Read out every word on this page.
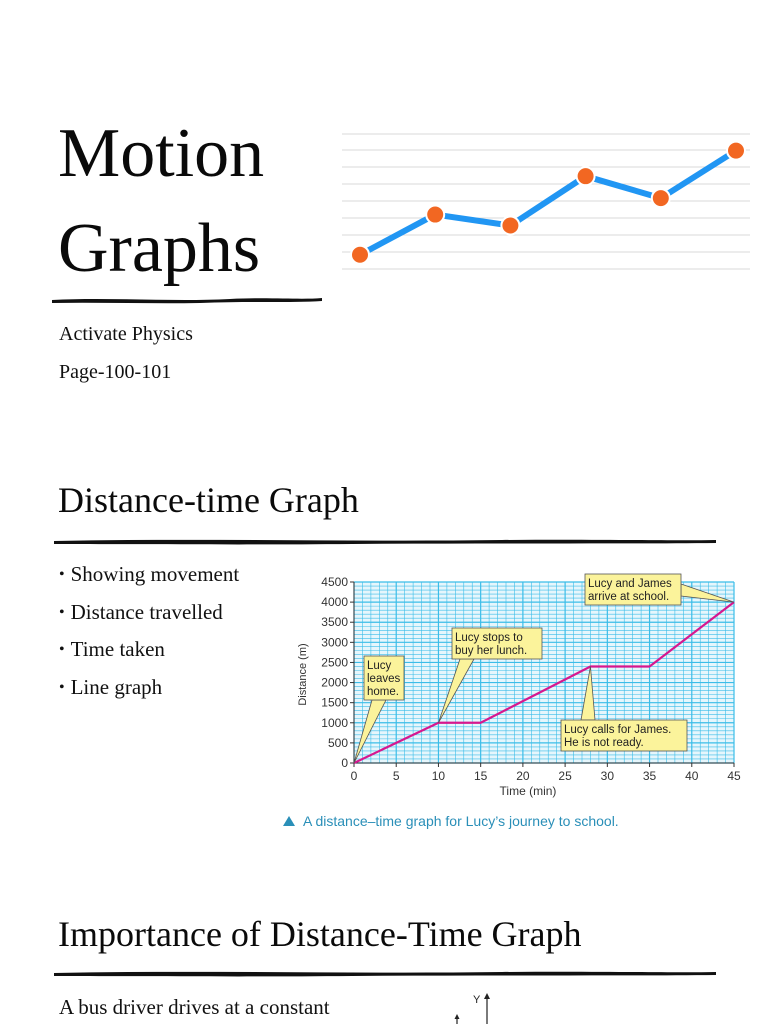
Motion
Graphs
Activate Physics
Page-100-101
Distance-time Graph
• Showing movement
• Distance travelled
• Time taken
• Line graph
0	5	10 15 20 25 30 35 40 45
0
500
1000
1500
2000
2500
3000
3500
4000
4500
Time (min)
Distance (m)	Lucy
leaves
home.
Lucy stops to
buy her lunch.
Lucy calls for James.
He is not ready.
Lucy and James
arrive at school.
A distance–time graph for Lucy’s journey to school.
Importance of Distance-Time Graph
A bus driver drives at a constant	Y
